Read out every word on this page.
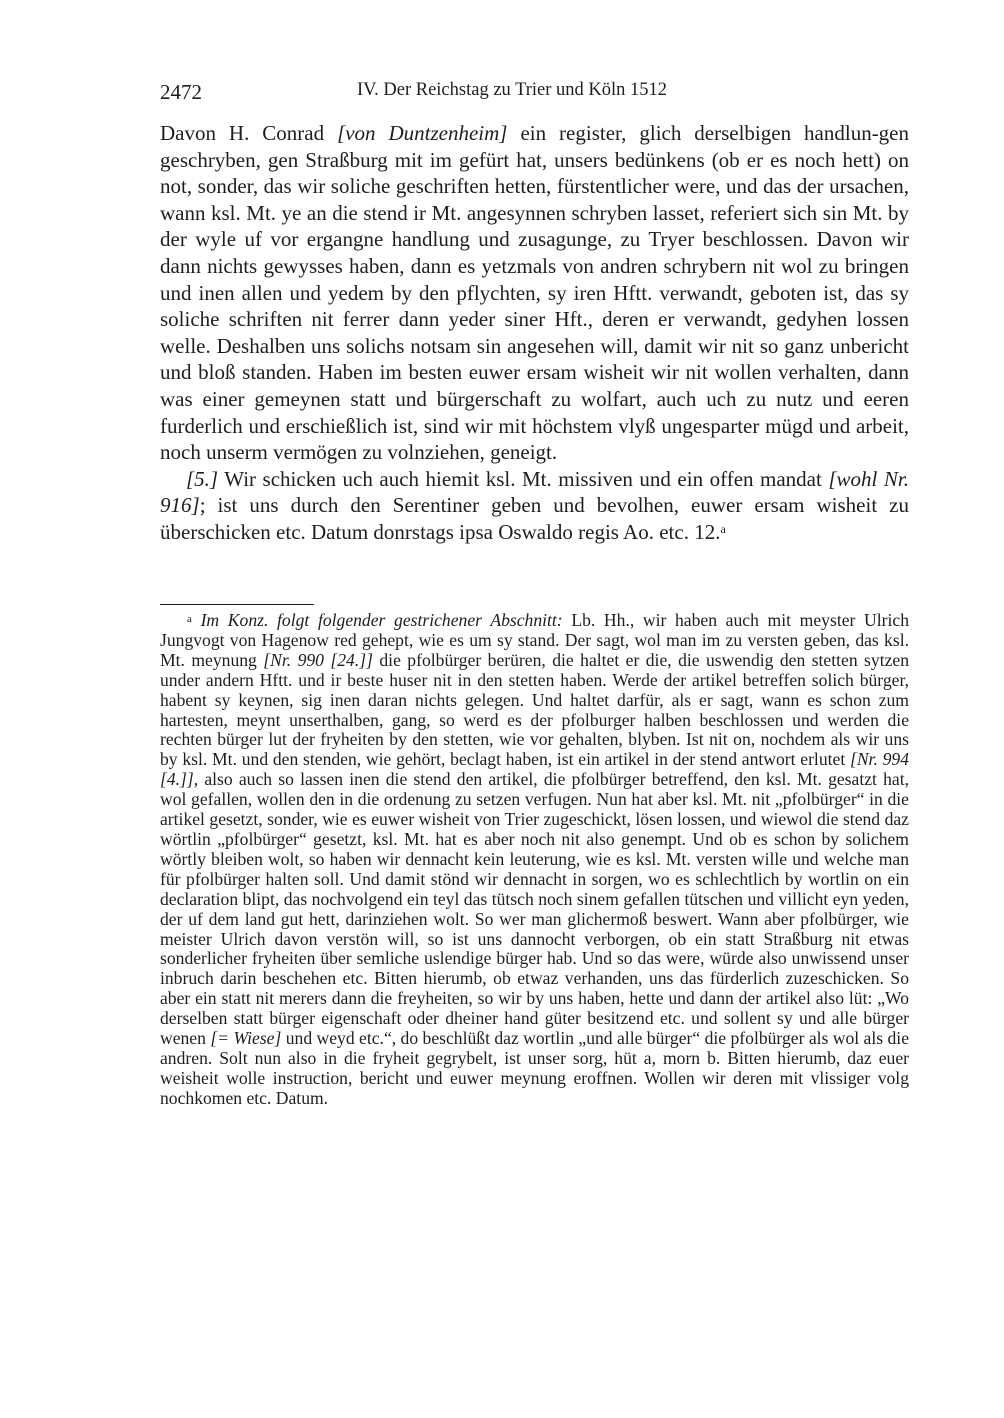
2472	IV. Der Reichstag zu Trier und Köln 1512

Davon H. Conrad [von Duntzenheim] ein register, glich derselbigen handlun-gen geschryben, gen Straßburg mit im gefürt hat, unsers bedünkens (ob er es noch hett) on not, sonder, das wir soliche geschriften hetten, fürstentlicher were, und das der ursachen, wann ksl. Mt. ye an die stend ir Mt. angesynnen schryben lasset, referiert sich sin Mt. by der wyle uf vor ergangne handlung und zusagunge, zu Tryer beschlossen. Davon wir dann nichts gewysses haben, dann es yetzmals von andren schrybern nit wol zu bringen und inen allen und yedem by den pflychten, sy iren Hftt. verwandt, geboten ist, das sy soliche schriften nit ferrer dann yeder siner Hft., deren er verwandt, gedyhen lossen welle. Deshalben uns solichs notsam sin angesehen will, damit wir nit so ganz unbericht und bloß standen. Haben im besten euwer ersam wisheit wir nit wollen verhalten, dann was einer gemeynen statt und bürgerschaft zu wolfart, auch uch zu nutz und eeren furderlich und erschießlich ist, sind wir mit höchstem vlyß ungesparter mügd und arbeit, noch unserm vermögen zu volnziehen, geneigt.

[5.] Wir schicken uch auch hiemit ksl. Mt. missiven und ein offen mandat [wohl Nr. 916]; ist uns durch den Serentiner geben und bevolhen, euwer ersam wisheit zu überschicken etc. Datum donrstags ipsa Oswaldo regis Ao. etc. 12.$^a$

$^a$ Im Konz. folgt folgender gestrichener Abschnitt: Lb. Hh., wir haben auch mit meyster Ulrich Jungvogt von Hagenow red gehept, wie es um sy stand. Der sagt, wol man im zu versten geben, das ksl. Mt. meynung [Nr. 990 [24.]] die pfolbürger berüren, die haltet er die, die uswendig den stetten sytzen under andern Hftt. und ir beste huser nit in den stetten haben. Werde der artikel betreffen solich bürger, habent sy keynen, sig inen daran nichts gelegen. Und haltet darfür, als er sagt, wann es schon zum hartesten, meynt unserthalben, gang, so werd es der pfolburger halben beschlossen und werden die rechten bürger lut der fryheiten by den stetten, wie vor gehalten, blyben. Ist nit on, nochdem als wir uns by ksl. Mt. und den stenden, wie gehört, beclagt haben, ist ein artikel in der stend antwort erlutet [Nr. 994 [4.]], also auch so lassen inen die stend den artikel, die pfolbürger betreffend, den ksl. Mt. gesatzt hat, wol gefallen, wollen den in die ordenung zu setzen verfugen. Nun hat aber ksl. Mt. nit „pfolbürger“ in die artikel gesetzt, sonder, wie es euwer wisheit von Trier zugeschickt, lösen lossen, und wiewol die stend daz wörtlin „pfolbürger“ gesetzt, ksl. Mt. hat es aber noch nit also genempt. Und ob es schon by solichem wörtly bleiben wolt, so haben wir dennacht kein leuterung, wie es ksl. Mt. versten wille und welche man für pfolbürger halten soll. Und damit stönd wir dennacht in sorgen, wo es schlechtlich by wortlin on ein declaration blipt, das nochvolgend ein teyl das tütsch noch sinem gefallen tütschen und villicht eyn yeden, der uf dem land gut hett, darinziehen wolt. So wer man glichermoß beswert. Wann aber pfolbürger, wie meister Ulrich davon verstön will, so ist uns dannocht verborgen, ob ein statt Straßburg nit etwas sonderlicher fryheiten über semliche uslendige bürger hab. Und so das were, würde also unwissend unser inbruch darin beschehen etc. Bitten hierumb, ob etwaz verhanden, uns das fürderlich zuzeschicken. So aber ein statt nit merers dann die freyheiten, so wir by uns haben, hette und dann der artikel also lüt: „Wo derselben statt bürger eigenschaft oder dheiner hand güter besitzend etc. und sollent sy und alle bürger wenen [= Wiese] und weyd etc.“, do beschlüßt daz wortlin „und alle bürger“ die pfolbürger als wol als die andren. Solt nun also in die fryheit gegrybelt, ist unser sorg, hüt a, morn b. Bitten hierumb, daz euer weisheit wolle instruction, bericht und euwer meynung eroffnen. Wollen wir deren mit vlissiger volg nochkomen etc. Datum.
